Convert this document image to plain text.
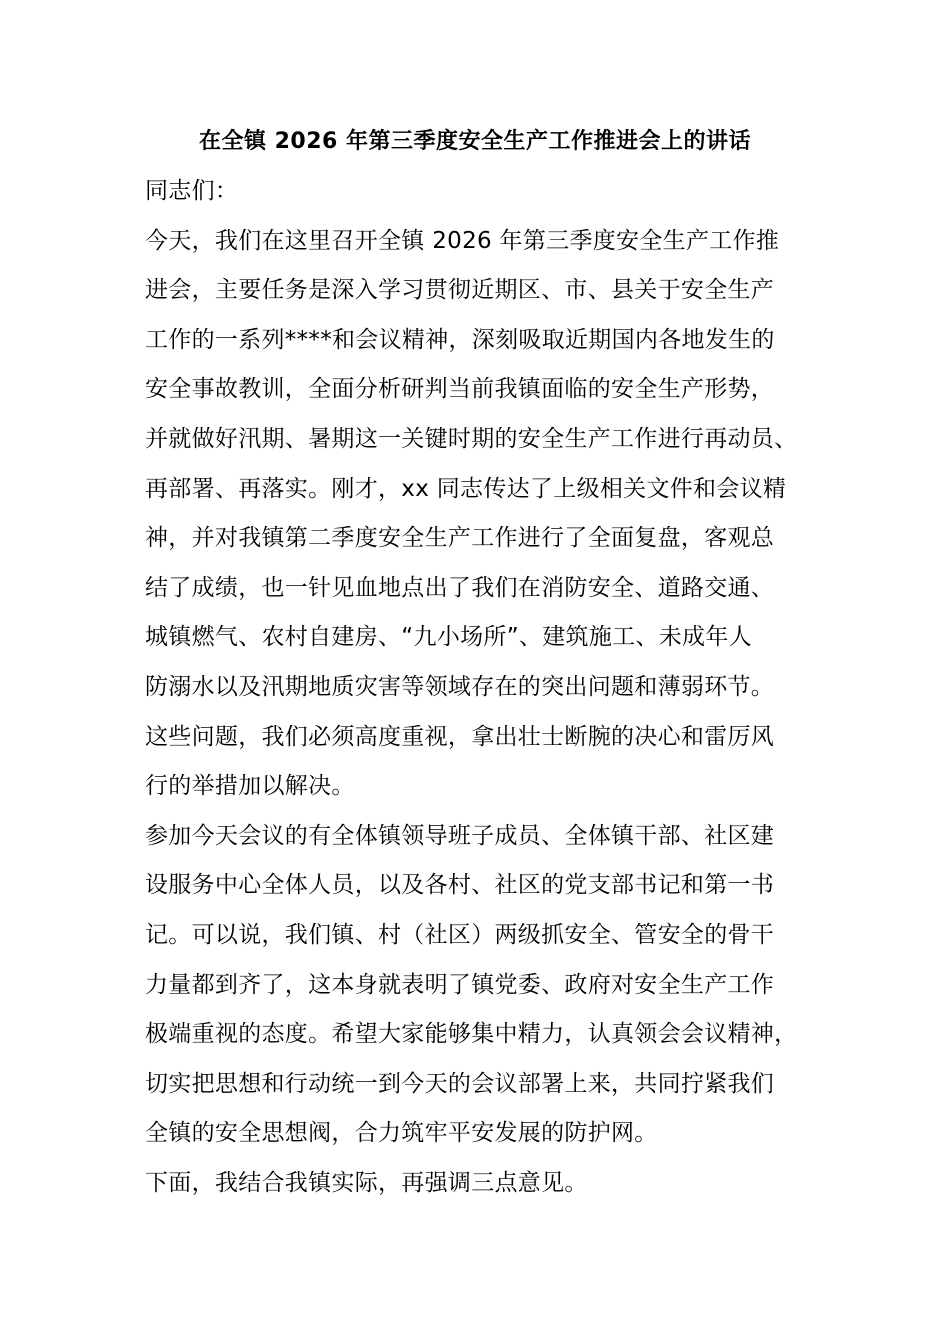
在全镇 2026 年第三季度安全生产工作推进会上的讲话
同志们：
今天，我们在这里召开全镇 2026 年第三季度安全生产工作推
进会，主要任务是深入学习贯彻近期区、市、县关于安全生产
工作的一系列****和会议精神，深刻吸取近期国内各地发生的
安全事故教训，全面分析研判当前我镇面临的安全生产形势，
并就做好汛期、暑期这一关键时期的安全生产工作进行再动员、
再部署、再落实。刚才，xx 同志传达了上级相关文件和会议精
神，并对我镇第二季度安全生产工作进行了全面复盘，客观总
结了成绩，也一针见血地点出了我们在消防安全、道路交通、
城镇燃气、农村自建房、“九小场所”、建筑施工、未成年人
防溺水以及汛期地质灾害等领域存在的突出问题和薄弱环节。
这些问题，我们必须高度重视，拿出壮士断腕的决心和雷厉风
行的举措加以解决。
参加今天会议的有全体镇领导班子成员、全体镇干部、社区建
设服务中心全体人员，以及各村、社区的党支部书记和第一书
记。可以说，我们镇、村（社区）两级抓安全、管安全的骨干
力量都到齐了，这本身就表明了镇党委、政府对安全生产工作
极端重视的态度。希望大家能够集中精力，认真领会会议精神，
切实把思想和行动统一到今天的会议部署上来，共同拧紧我们
全镇的安全思想阀，合力筑牢平安发展的防护网。
下面，我结合我镇实际，再强调三点意见。
